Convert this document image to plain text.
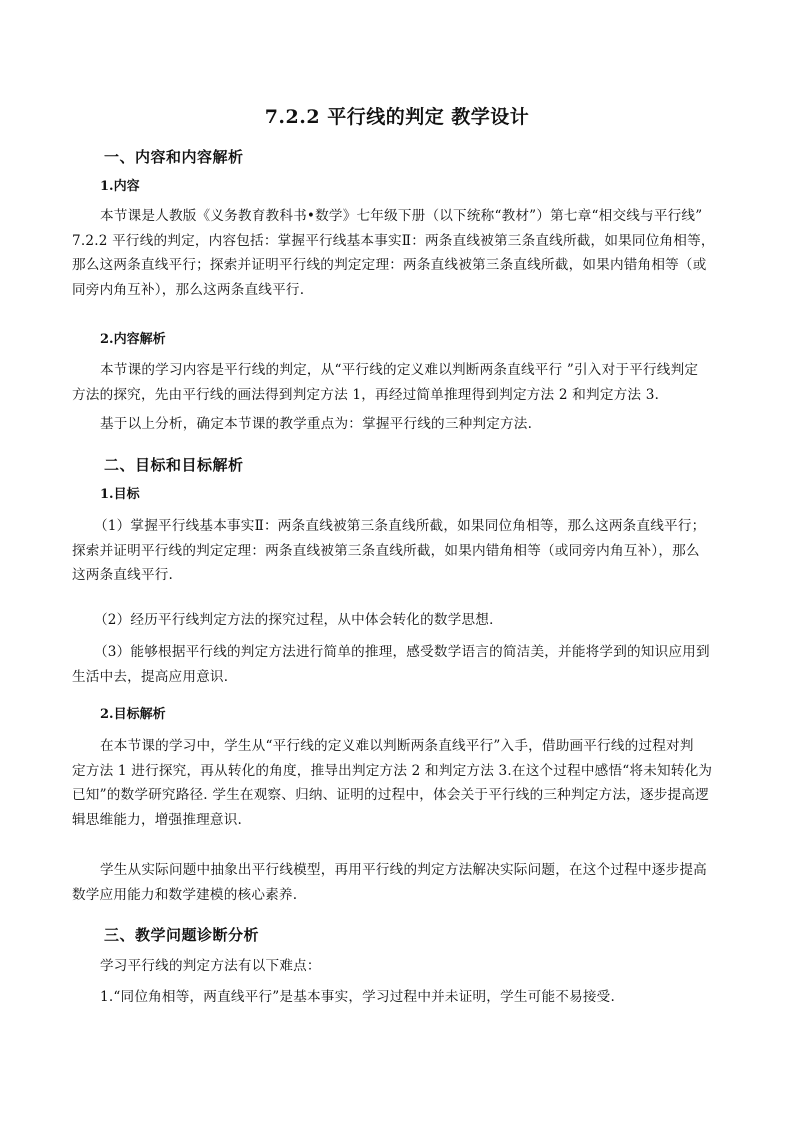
7.2.2 平行线的判定 教学设计
一、内容和内容解析
1.内容
本节课是人教版《义务教育教科书•数学》七年级下册（以下统称“教材”）第七章“相交线与平行线”
7.2.2 平行线的判定，内容包括：掌握平行线基本事实Ⅱ：两条直线被第三条直线所截，如果同位角相等，
那么这两条直线平行；探索并证明平行线的判定定理：两条直线被第三条直线所截，如果内错角相等（或
同旁内角互补），那么这两条直线平行.
2.内容解析
本节课的学习内容是平行线的判定，从“平行线的定义难以判断两条直线平行 ”引入对于平行线判定
方法的探究，先由平行线的画法得到判定方法 1，再经过简单推理得到判定方法 2 和判定方法 3．
基于以上分析，确定本节课的教学重点为：掌握平行线的三种判定方法.
二、目标和目标解析
1.目标
（1）掌握平行线基本事实Ⅱ：两条直线被第三条直线所截，如果同位角相等，那么这两条直线平行；
探索并证明平行线的判定定理：两条直线被第三条直线所截，如果内错角相等（或同旁内角互补），那么
这两条直线平行.
（2）经历平行线判定方法的探究过程，从中体会转化的数学思想．
（3）能够根据平行线的判定方法进行简单的推理，感受数学语言的简洁美，并能将学到的知识应用到
生活中去，提高应用意识．
2.目标解析
在本节课的学习中，学生从“平行线的定义难以判断两条直线平行”入手，借助画平行线的过程对判
定方法 1 进行探究，再从转化的角度，推导出判定方法 2 和判定方法 3.在这个过程中感悟“将未知转化为
已知”的数学研究路径. 学生在观察、归纳、证明的过程中，体会关于平行线的三种判定方法，逐步提高逻
辑思维能力，增强推理意识.
学生从实际问题中抽象出平行线模型，再用平行线的判定方法解决实际问题，在这个过程中逐步提高
数学应用能力和数学建模的核心素养.
三、教学问题诊断分析
学习平行线的判定方法有以下难点：
1.“同位角相等，两直线平行”是基本事实，学习过程中并未证明，学生可能不易接受.
